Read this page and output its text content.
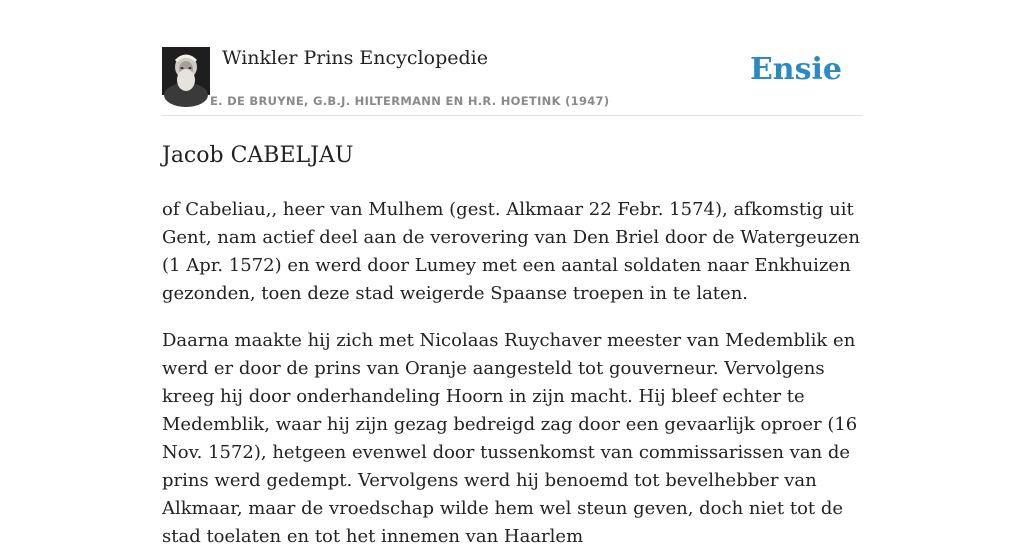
Winkler Prins Encyclopedie
E. DE BRUYNE, G.B.J. HILTERMANN EN H.R. HOETINK (1947)
Ensie
Jacob CABELJAU

of Cabeliau,, heer van Mulhem (gest. Alkmaar 22 Febr. 1574), afkomstig uit Gent, nam actief deel aan de verovering van Den Briel door de Watergeuzen (1 Apr. 1572) en werd door Lumey met een aantal soldaten naar Enkhuizen gezonden, toen deze stad weigerde Spaanse troepen in te laten.

Daarna maakte hij zich met Nicolaas Ruychaver meester van Medemblik en werd er door de prins van Oranje aangesteld tot gouverneur. Vervolgens kreeg hij door onderhandeling Hoorn in zijn macht. Hij bleef echter te Medemblik, waar hij zijn gezag bedreigd zag door een gevaarlijk oproer (16 Nov. 1572), hetgeen evenwel door tussenkomst van commissarissen van de prins werd gedempt. Vervolgens werd hij benoemd tot bevelhebber van Alkmaar, maar de vroedschap wilde hem wel steun geven, doch niet tot de stad toelaten en tot het innemen van Haarlem
